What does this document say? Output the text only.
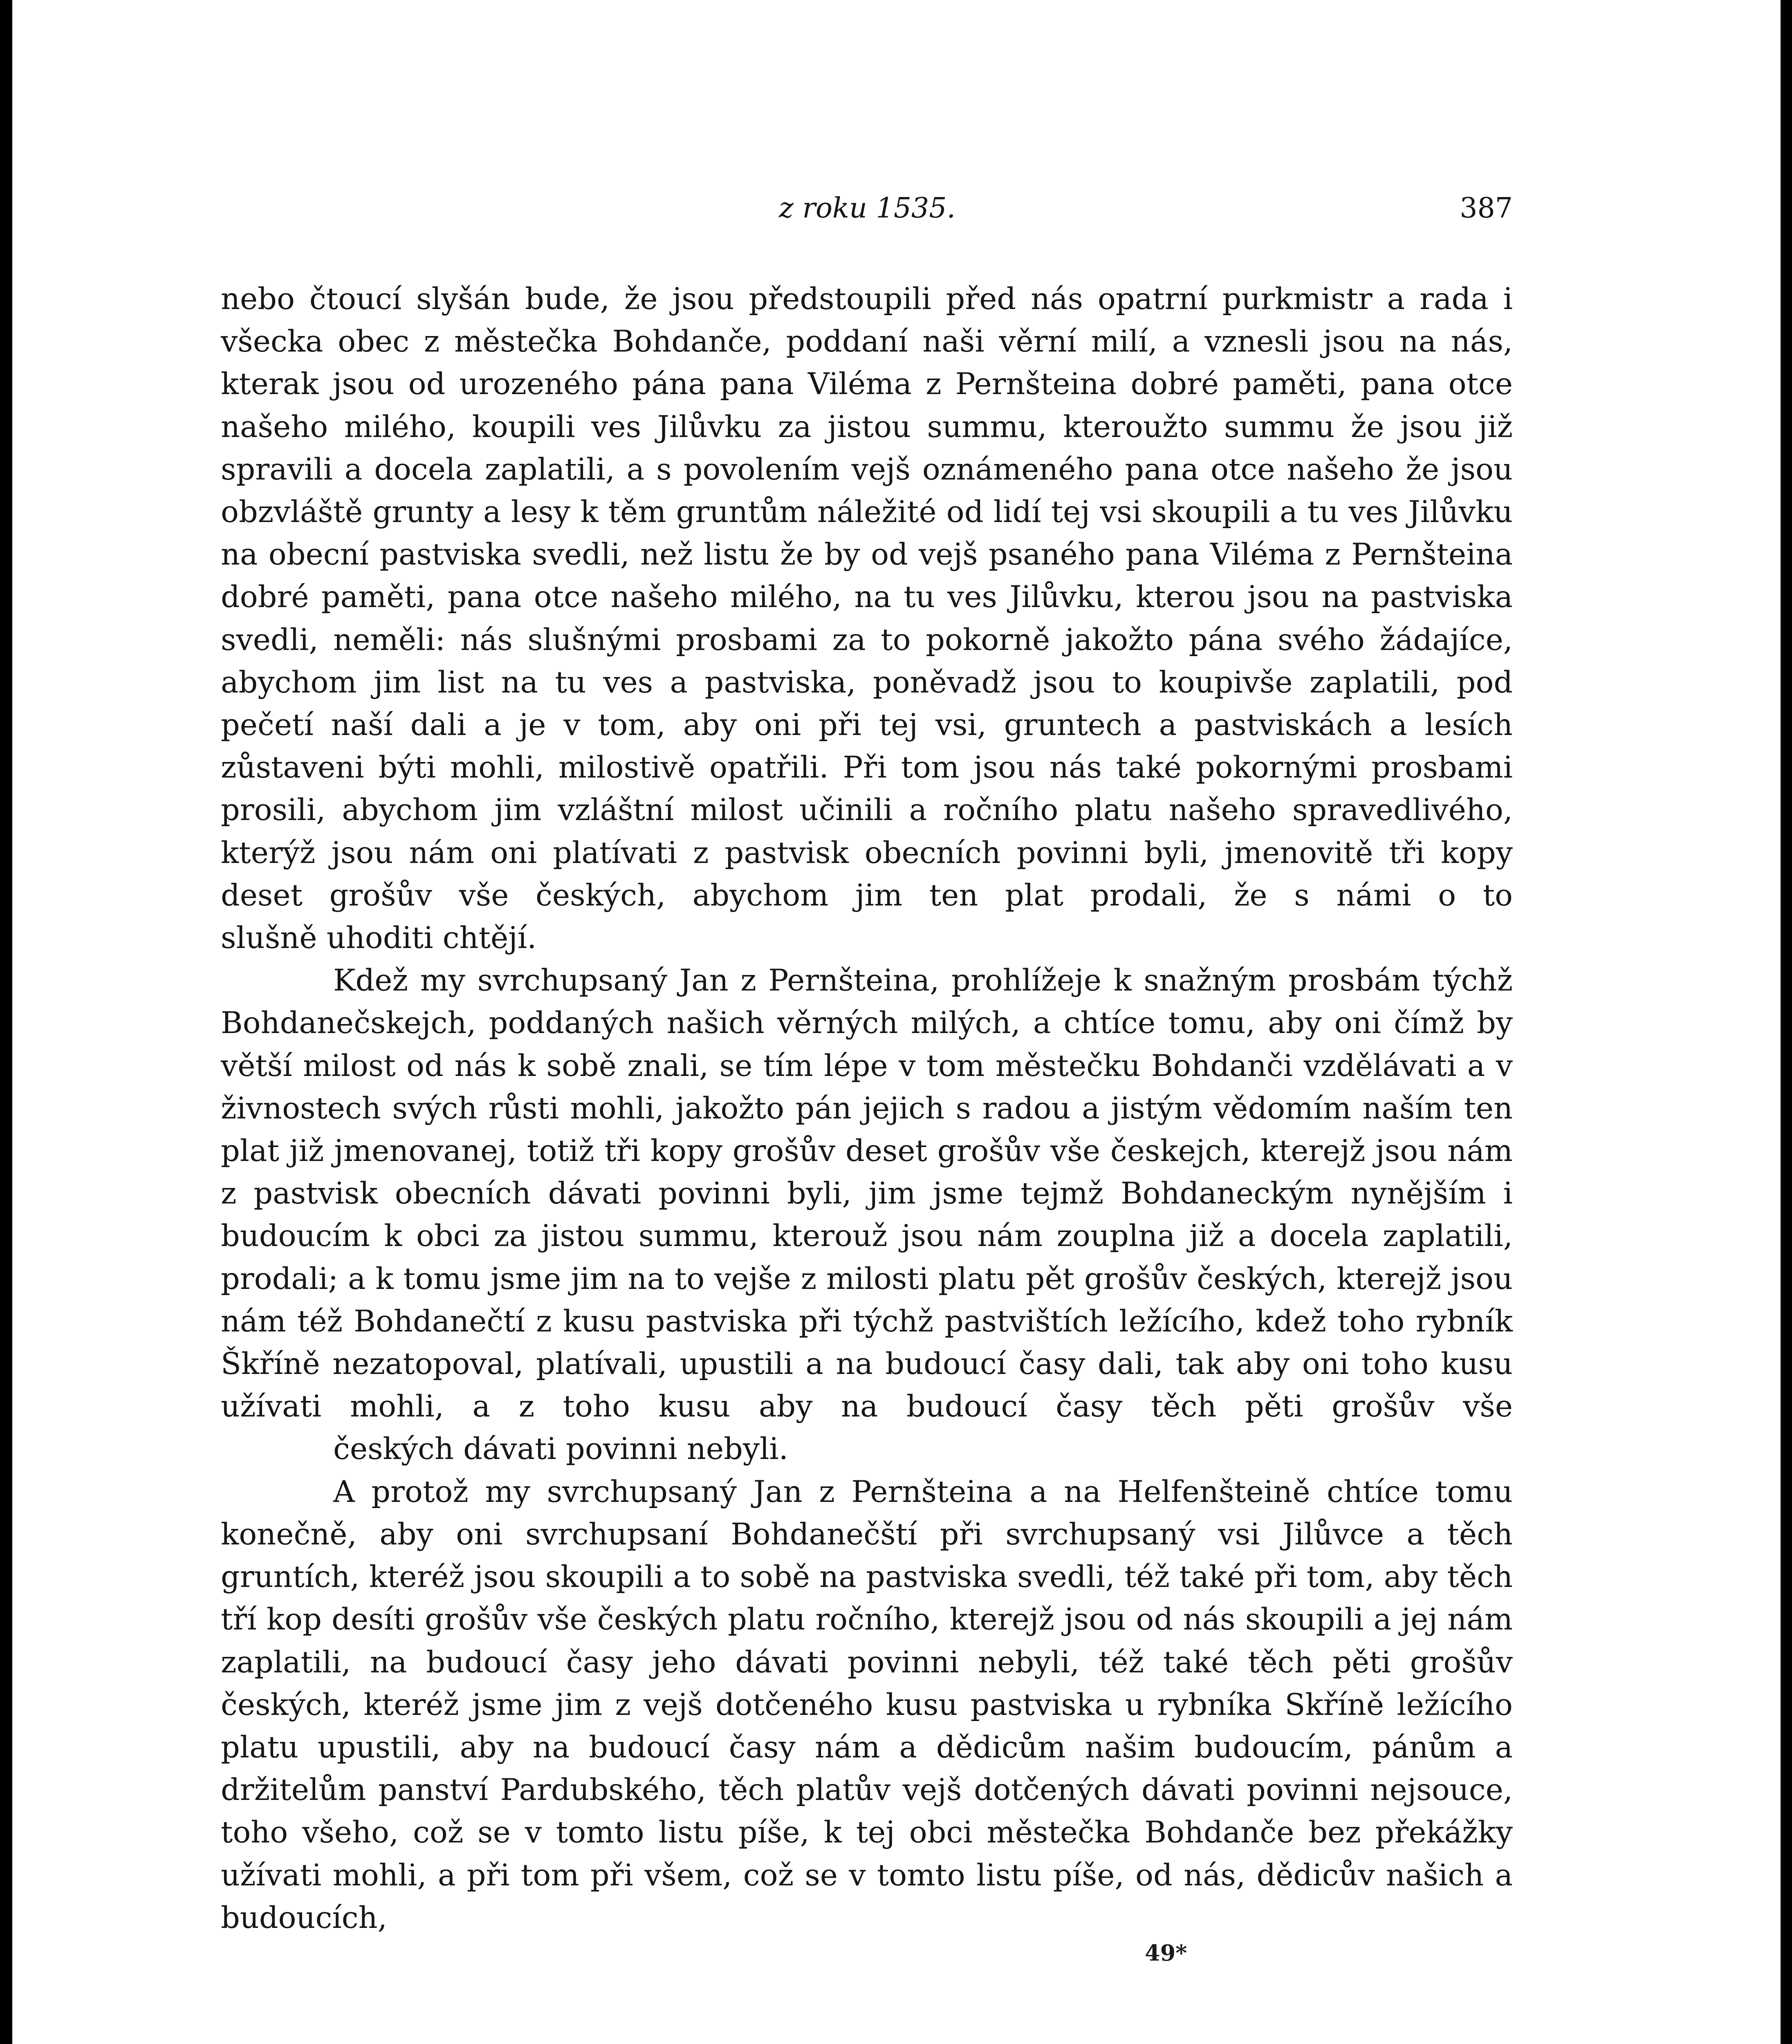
z roku 1535.	387

nebo čtoucí slyšán bude, že jsou předstoupili před nás opatrní purkmistr a rada i všecka obec z městečka Bohdanče, poddaní naši věrní milí, a vznesli jsou na nás, kterak jsou od urozeného pána pana Viléma z Pernšteina dobré paměti, pana otce našeho milého, koupili ves Jilůvku za jistou summu, kteroužto summu že jsou již spravili a docela zaplatili, a s povolením vejš oznámeného pana otce našeho že jsou obzvláště grunty a lesy k těm gruntům náležité od lidí tej vsi skoupili a tu ves Jilůvku na obecní pastviska svedli, než listu že by od vejš psaného pana Viléma z Pernšteina dobré paměti, pana otce našeho milého, na tu ves Jilůvku, kterou jsou na pastviska svedli, neměli: nás slušnými prosbami za to pokorně jakožto pána svého žádajíce, abychom jim list na tu ves a pastviska, poněvadž jsou to koupivše zaplatili, pod pečetí naší dali a je v tom, aby oni při tej vsi, gruntech a pastviskách a lesích zůstaveni býti mohli, milostivě opatřili. Při tom jsou nás také pokornými prosbami prosili, abychom jim vzláštní milost učinili a ročního platu našeho spravedlivého, kterýž jsou nám oni platívati z pastvisk obecních povinni byli, jmenovitě tři kopy deset grošův vše českých, abychom jim ten plat prodali, že s námi o to
slušně uhoditi chtějí.

Kdež my svrchupsaný Jan z Pernšteina, prohlížeje k snažným prosbám týchž Bohdanečskejch, poddaných našich věrných milých, a chtíce tomu, aby oni čímž by větší milost od nás k sobě znali, se tím lépe v tom městečku Bohdanči vzdělávati a v živnostech svých růsti mohli, jakožto pán jejich s radou a jistým vědomím naším ten plat již jmenovanej, totiž tři kopy grošův deset grošův vše českejch, kterejž jsou nám z pastvisk obecních dávati povinni byli, jim jsme tejmž Bohdaneckým nynějším i budoucím k obci za jistou summu, kterouž jsou nám zouplna již a docela zaplatili, prodali; a k tomu jsme jim na to vejše z milosti platu pět grošův českých, kterejž jsou nám též Bohdanečtí z kusu pastviska při týchž pastvištích ležícího, kdež toho rybník Škříně nezatopoval, platívali, upustili a na budoucí časy dali, tak aby oni toho kusu užívati mohli, a z toho kusu aby na budoucí časy těch pěti grošův vše
českých dávati povinni nebyli.

A protož my svrchupsaný Jan z Pernšteina a na Helfenšteině chtíce tomu konečně, aby oni svrchupsaní Bohdanečští při svrchupsaný vsi Jilůvce a těch gruntích, kteréž jsou skoupili a to sobě na pastviska svedli, též také při tom, aby těch tří kop desíti grošův vše českých platu ročního, kterejž jsou od nás skoupili a jej nám zaplatili, na budoucí časy jeho dávati povinni nebyli, též také těch pěti grošův českých, kteréž jsme jim z vejš dotčeného kusu pastviska u rybníka Skříně ležícího platu upustili, aby na budoucí časy nám a dědicům našim budoucím, pánům a držitelům panství Pardubského, těch platův vejš dotčených dávati povinni nejsouce, toho všeho, což se v tomto listu píše, k tej obci městečka Bohdanče bez překážky užívati mohli, a při tom při všem, což se v tomto listu píše, od nás, dědicův našich a budoucích,

49*
